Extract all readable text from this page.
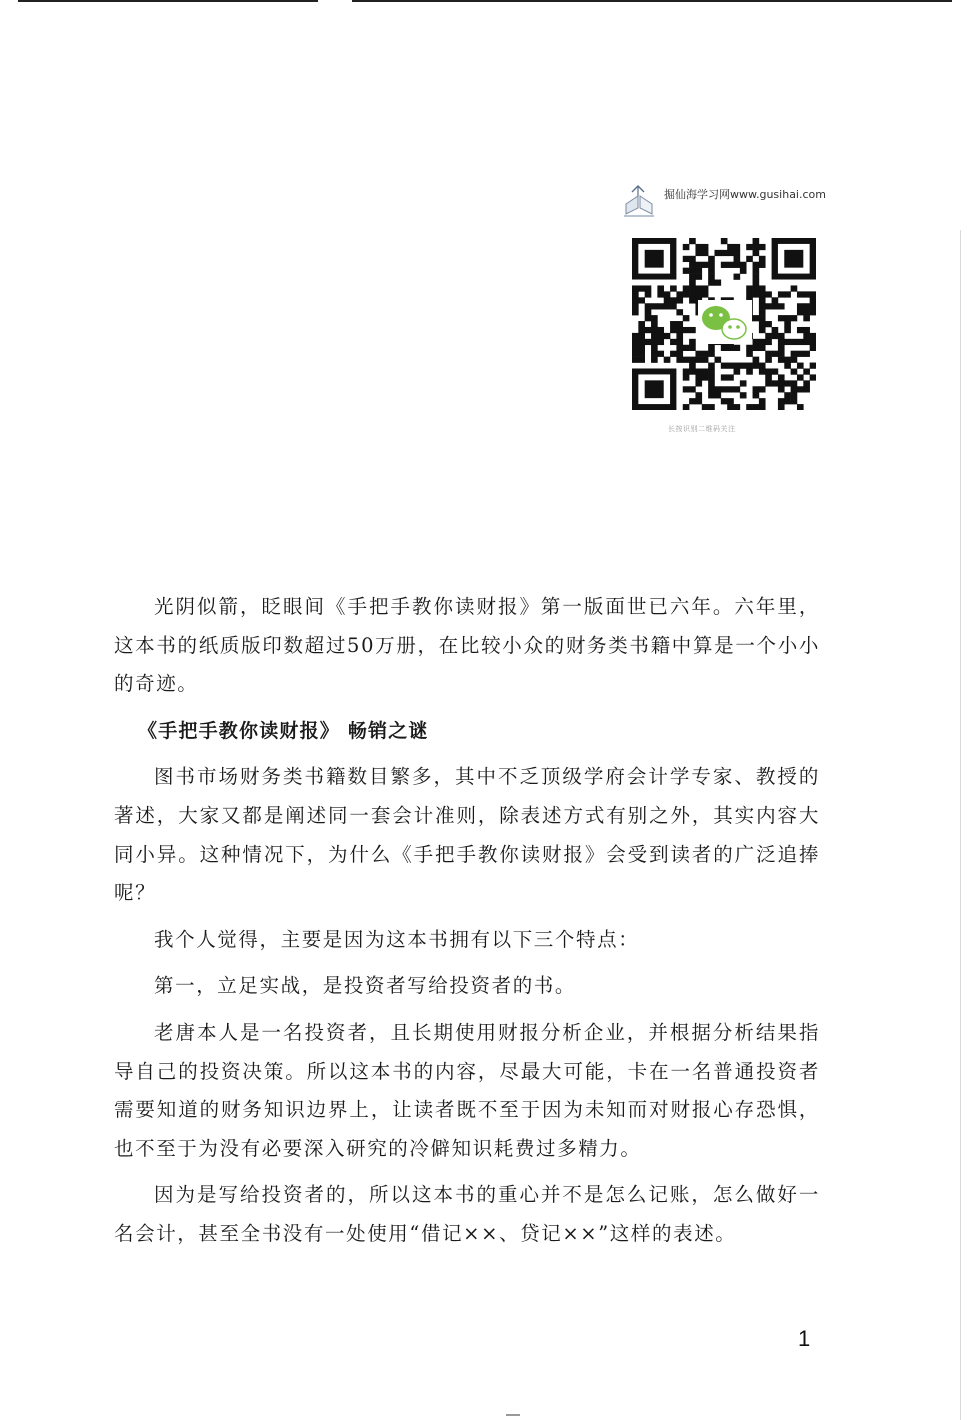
掘仙海学习网www.gusihai.com
长按识别二维码关注

光阴似箭，眨眼间《手把手教你读财报》第一版面世已六年。六年里，这本书的纸质版印数超过50万册，在比较小众的财务类书籍中算是一个小小的奇迹。

《手把手教你读财报》 畅销之谜

图书市场财务类书籍数目繁多，其中不乏顶级学府会计学专家、教授的著述，大家又都是阐述同一套会计准则，除表述方式有别之外，其实内容大同小异。这种情况下，为什么《手把手教你读财报》会受到读者的广泛追捧呢？

我个人觉得，主要是因为这本书拥有以下三个特点：

第一，立足实战，是投资者写给投资者的书。

老唐本人是一名投资者，且长期使用财报分析企业，并根据分析结果指导自己的投资决策。所以这本书的内容，尽最大可能，卡在一名普通投资者需要知道的财务知识边界上，让读者既不至于因为未知而对财报心存恐惧，也不至于为没有必要深入研究的冷僻知识耗费过多精力。

因为是写给投资者的，所以这本书的重心并不是怎么记账，怎么做好一名会计，甚至全书没有一处使用“借记××、贷记××”这样的表述。

1
